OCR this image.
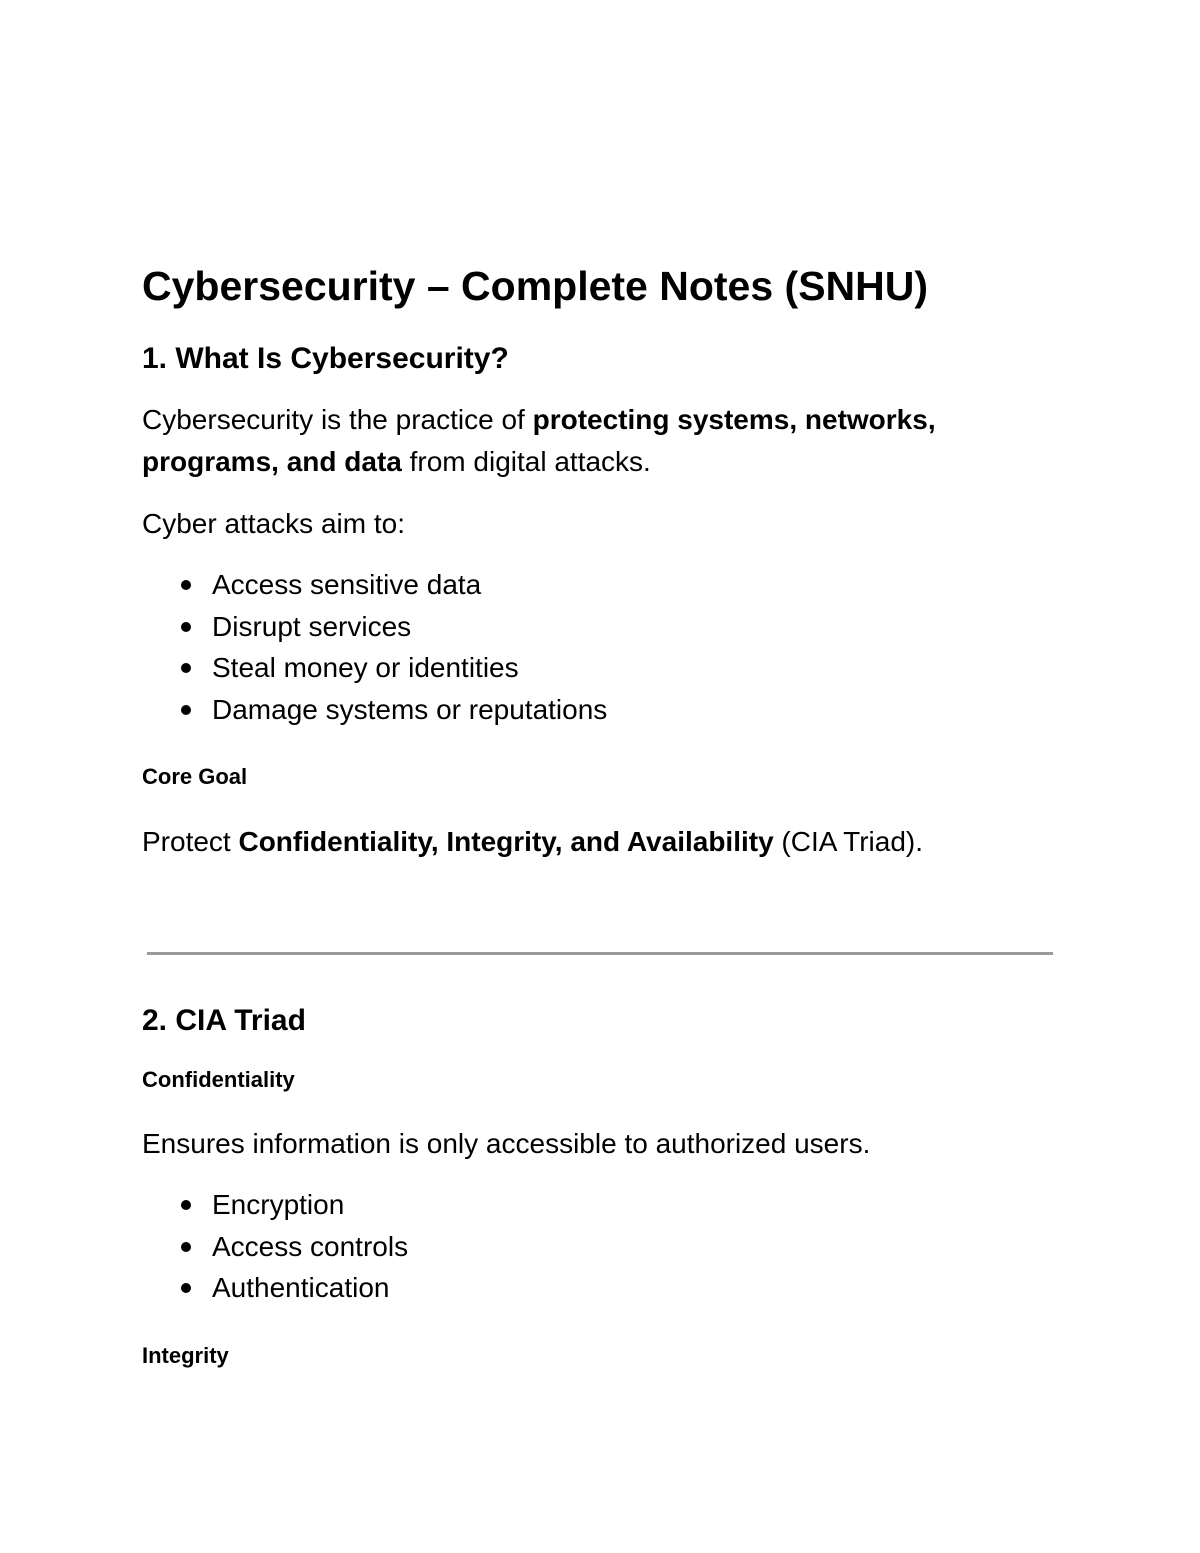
Cybersecurity – Complete Notes (SNHU)
1. What Is Cybersecurity?

Cybersecurity is the practice of protecting systems, networks, programs, and data from digital attacks.

Cyber attacks aim to:

Access sensitive data
Disrupt services
Steal money or identities
Damage systems or reputations
Core Goal

Protect Confidentiality, Integrity, and Availability (CIA Triad).

2. CIA Triad
Confidentiality

Ensures information is only accessible to authorized users.

Encryption
Access controls
Authentication
Integrity
